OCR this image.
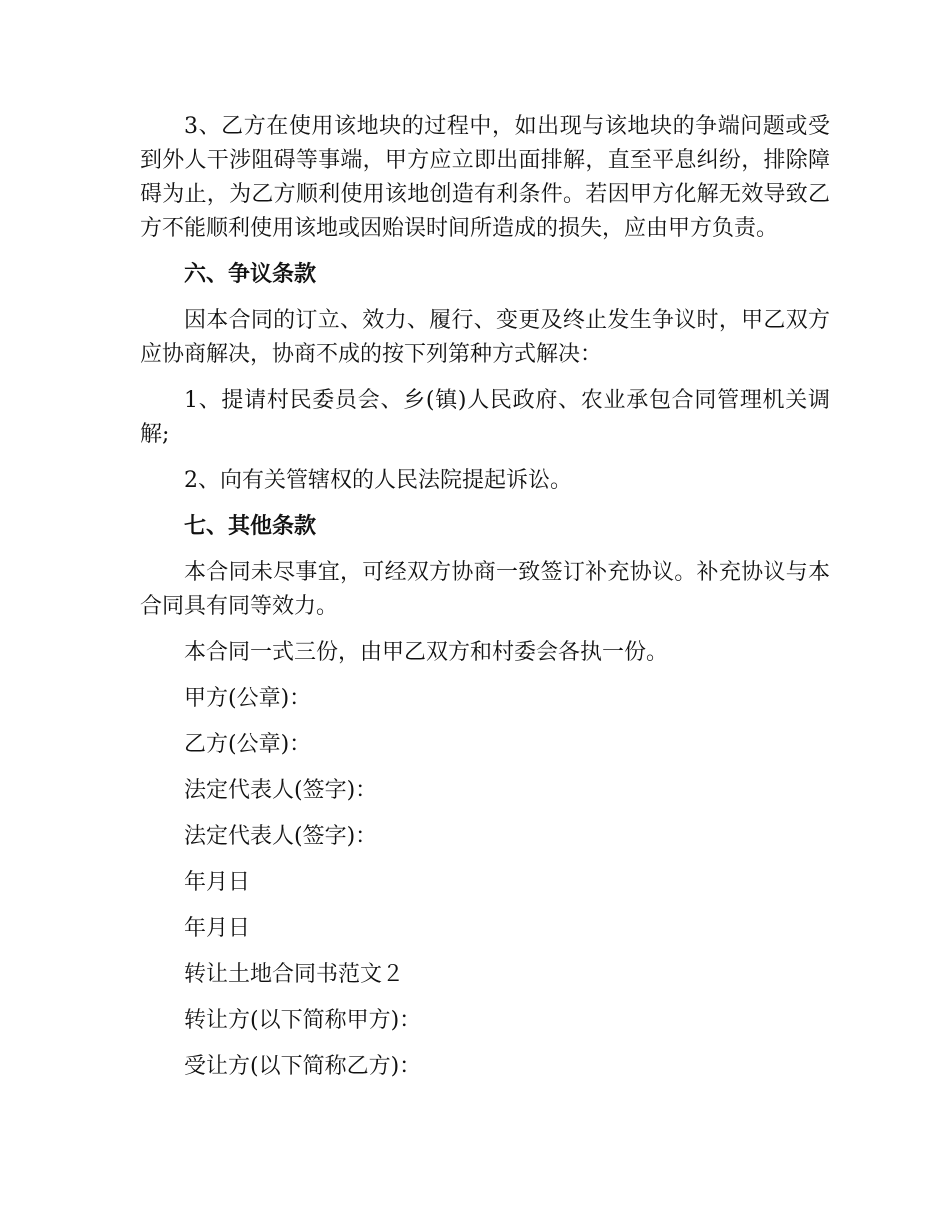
3、乙方在使用该地块的过程中，如出现与该地块的争端问题或受到外人干涉阻碍等事端，甲方应立即出面排解，直至平息纠纷，排除障碍为止，为乙方顺利使用该地创造有利条件。若因甲方化解无效导致乙方不能顺利使用该地或因贻误时间所造成的损失，应由甲方负责。

六、争议条款

因本合同的订立、效力、履行、变更及终止发生争议时，甲乙双方应协商解决，协商不成的按下列第种方式解决：

1、提请村民委员会、乡(镇)人民政府、农业承包合同管理机关调解;

2、向有关管辖权的人民法院提起诉讼。

七、其他条款

本合同未尽事宜，可经双方协商一致签订补充协议。补充协议与本合同具有同等效力。

本合同一式三份，由甲乙双方和村委会各执一份。

甲方(公章)：

乙方(公章)：

法定代表人(签字)：

法定代表人(签字)：

年月日

年月日

转让土地合同书范文２

转让方(以下简称甲方)：

受让方(以下简称乙方)：
